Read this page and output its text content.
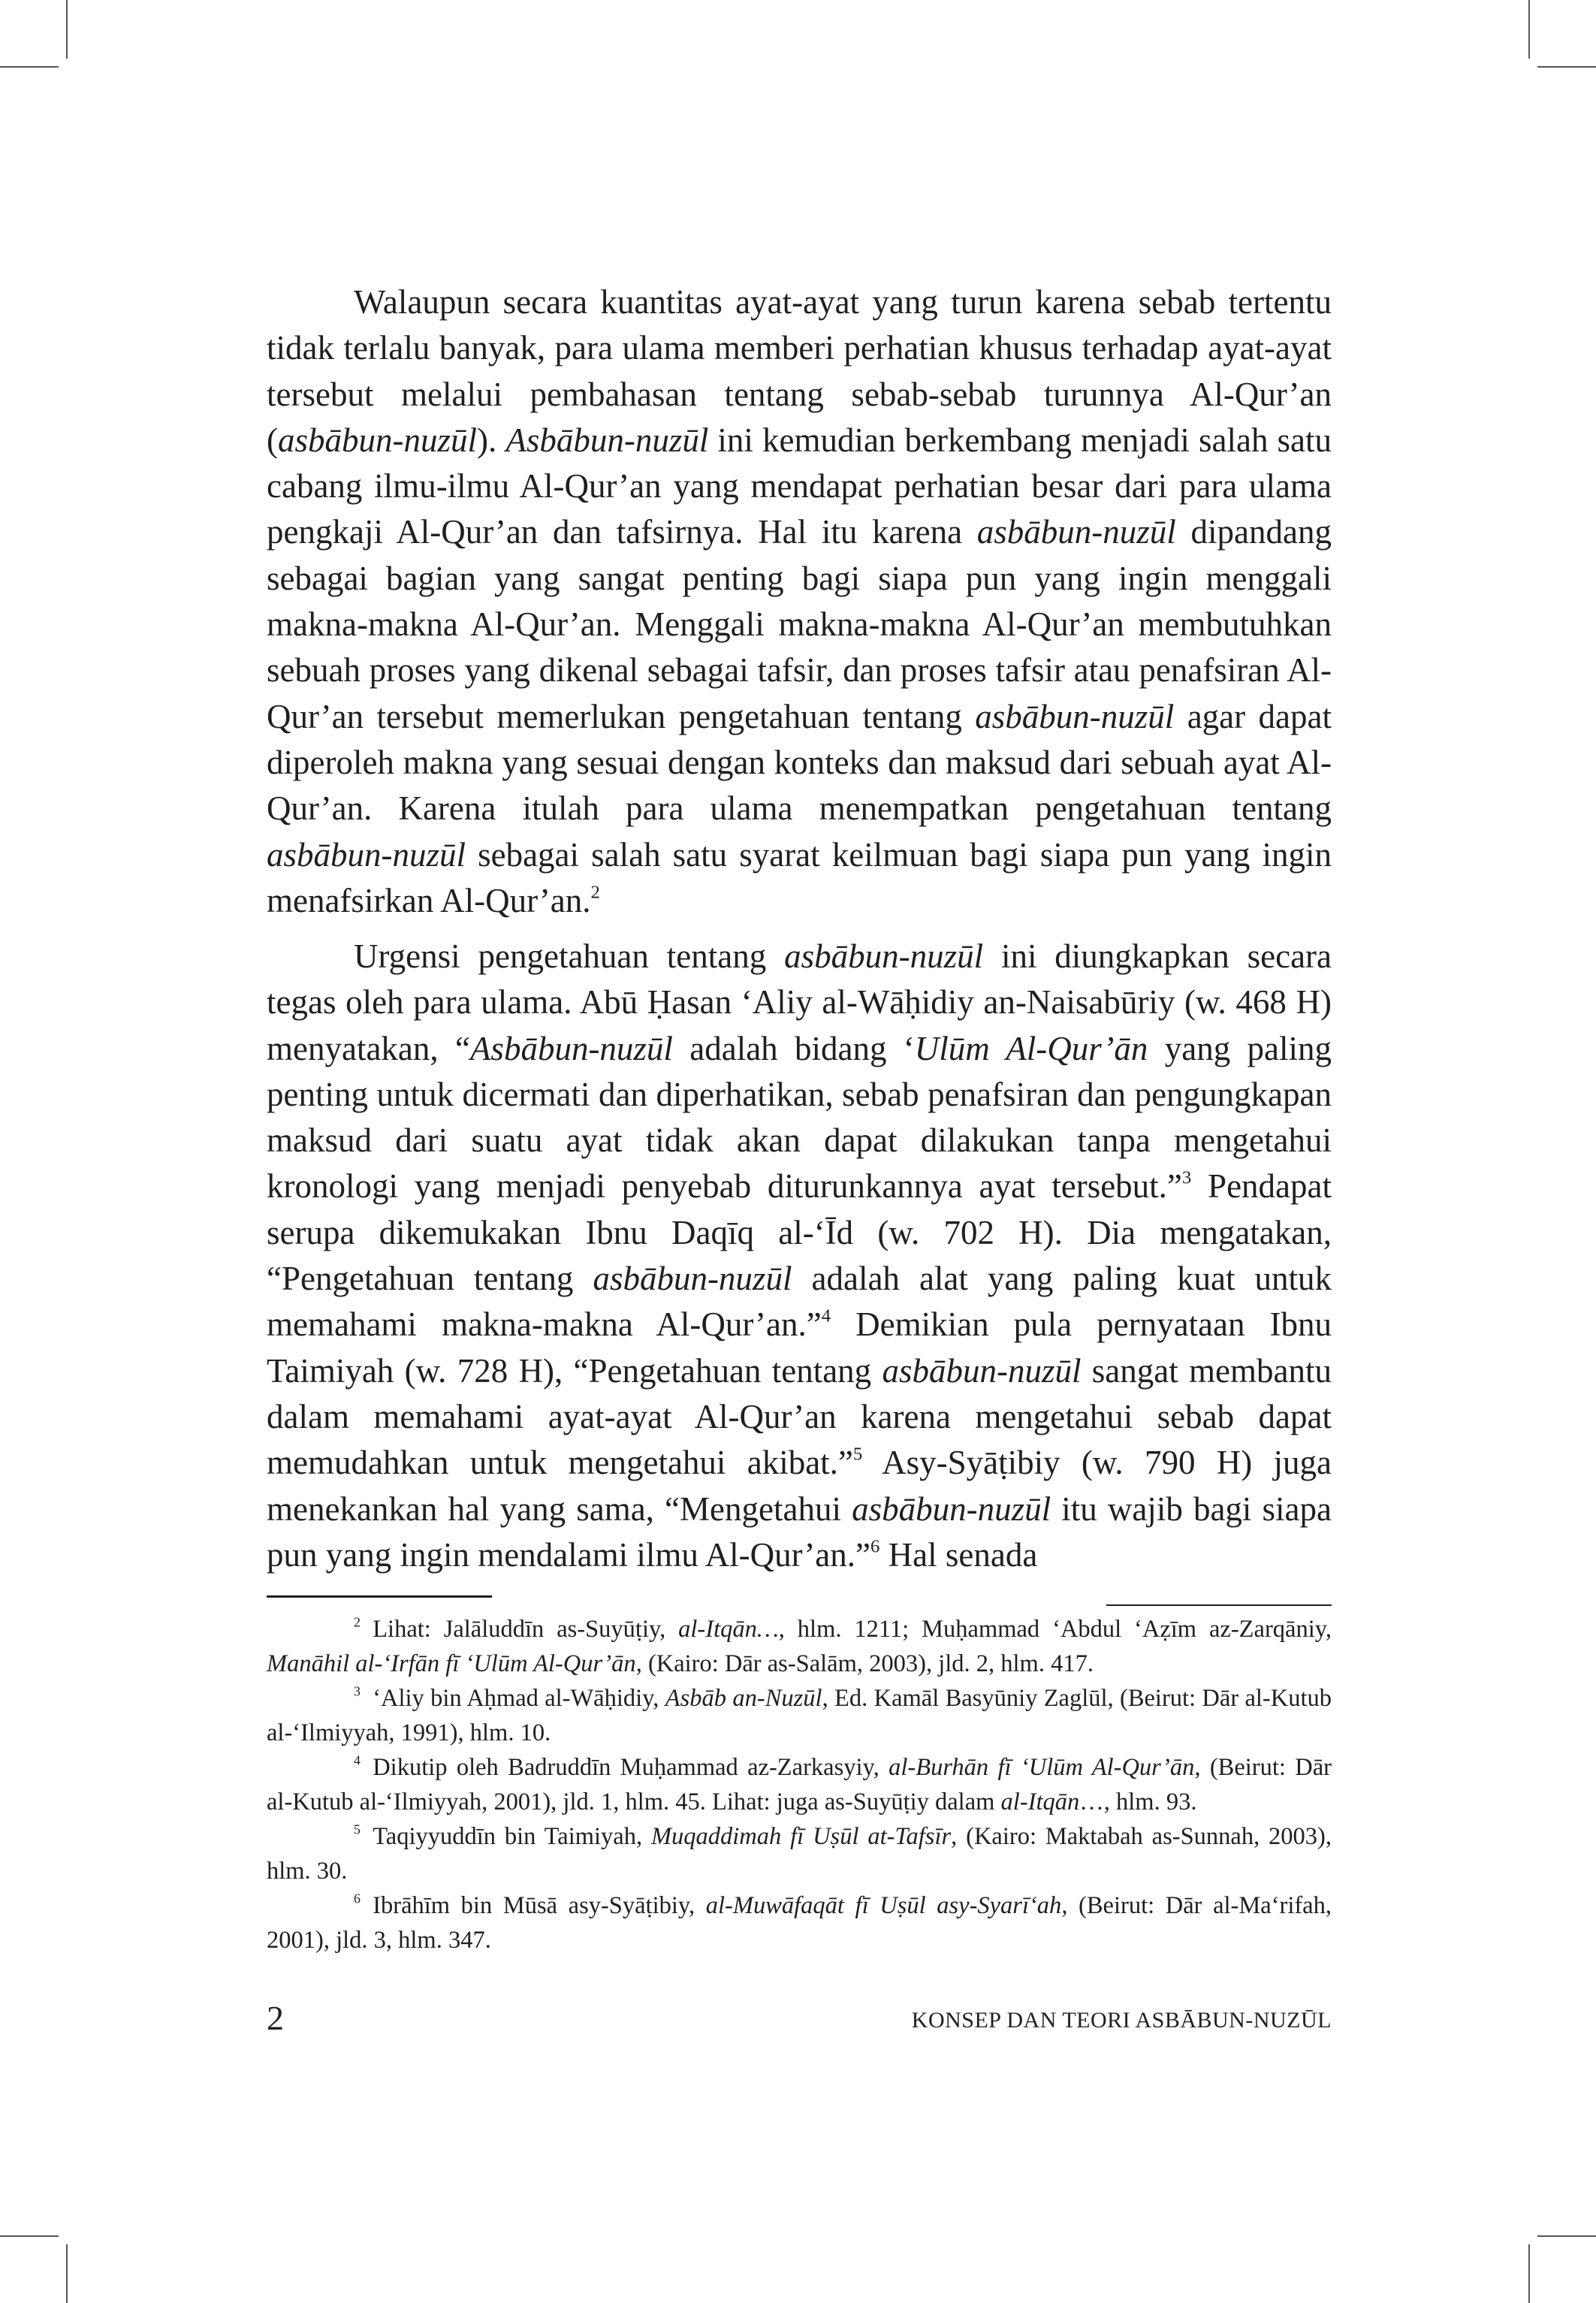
Walaupun secara kuantitas ayat-ayat yang turun karena sebab tertentu tidak terlalu banyak, para ulama memberi perhatian khusus terhadap ayat-ayat tersebut melalui pembahasan tentang sebab-sebab turunnya Al-Qur’an (asbābun-nuzūl). Asbābun-nuzūl ini kemudian berkembang menjadi salah satu cabang ilmu-ilmu Al-Qur’an yang mendapat perhatian besar dari para ulama pengkaji Al-Qur’an dan tafsirnya. Hal itu karena asbābun-nuzūl dipandang sebagai bagian yang sangat penting bagi siapa pun yang ingin menggali makna-makna Al-Qur’an. Menggali makna-makna Al-Qur’an membutuhkan sebuah proses yang dikenal sebagai tafsir, dan proses tafsir atau penafsiran Al-Qur’an tersebut memerlukan pengetahuan tentang asbābun-nuzūl agar dapat diperoleh makna yang sesuai dengan konteks dan maksud dari sebuah ayat Al-Qur’an. Karena itulah para ulama menempatkan pengetahuan tentang asbābun-nuzūl sebagai salah satu syarat keilmuan bagi siapa pun yang ingin menafsirkan Al-Qur’an.$^2$

Urgensi pengetahuan tentang asbābun-nuzūl ini diungkapkan secara tegas oleh para ulama. Abū Ḥasan ‘Aliy al-Wāḥidiy an-Naisabūriy (w. 468 H) menyatakan, “Asbābun-nuzūl adalah bidang ‘Ulūm Al-Qur’ān yang paling penting untuk dicermati dan diperhatikan, sebab penafsiran dan pengungkapan maksud dari suatu ayat tidak akan dapat dilakukan tanpa mengetahui kronologi yang menjadi penyebab diturunkannya ayat tersebut.”$^3$ Pendapat serupa dikemukakan Ibnu Daqīq al-‘Īd (w. 702 H). Dia mengatakan, “Pengetahuan tentang asbābun-nuzūl adalah alat yang paling kuat untuk memahami makna-makna Al-Qur’an.”$^4$ Demikian pula pernyataan Ibnu Taimiyah (w. 728 H), “Pengetahuan tentang asbābun-nuzūl sangat membantu dalam memahami ayat-ayat Al-Qur’an karena mengetahui sebab dapat memudahkan untuk mengetahui akibat.”$^5$ Asy-Syāṭibiy (w. 790 H) juga menekankan hal yang sama, “Mengetahui asbābun-nuzūl itu wajib bagi siapa pun yang ingin mendalami ilmu Al-Qur’an.”$^6$ Hal senada

$^2$  Lihat: Jalāluddīn as-Suyūṭiy, al-Itqān…, hlm. 1211; Muḥammad ‘Abdul ‘Aẓīm az-Zarqāniy, Manāhil al-‘Irfān fī ‘Ulūm Al-Qur’ān, (Kairo: Dār as-Salām, 2003), jld. 2, hlm. 417.

$^3$  ‘Aliy bin Aḥmad al-Wāḥidiy, Asbāb an-Nuzūl, Ed. Kamāl Basyūniy Zaglūl, (Beirut: Dār al-Kutub al-‘Ilmiyyah, 1991), hlm. 10.

$^4$  Dikutip oleh Badruddīn Muḥammad az-Zarkasyiy, al-Burhān fī ‘Ulūm Al-Qur’ān, (Beirut: Dār al-Kutub al-‘Ilmiyyah, 2001), jld. 1, hlm. 45. Lihat: juga as-Suyūṭiy dalam al-Itqān…, hlm. 93.

$^5$  Taqiyyuddīn bin Taimiyah, Muqaddimah fī Uṣūl at-Tafsīr, (Kairo: Maktabah as-Sunnah, 2003), hlm. 30.

$^6$  Ibrāhīm bin Mūsā asy-Syāṭibiy, al-Muwāfaqāt fī Uṣūl asy-Syarī‘ah, (Beirut: Dār al-Ma‘rifah, 2001), jld. 3, hlm. 347.

2	KONSEP DAN TEORI ASBĀBUN-NUZŪL
